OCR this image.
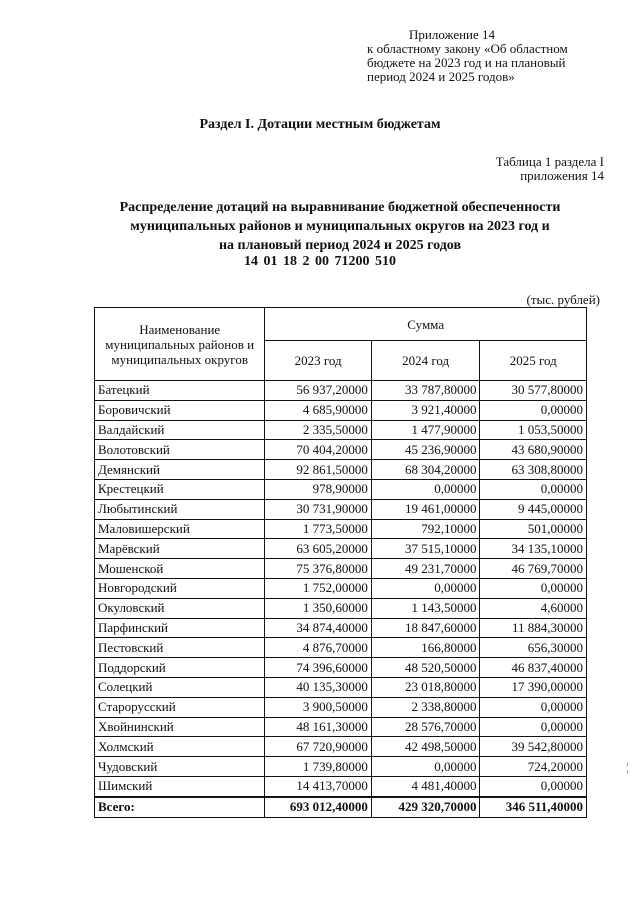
Приложение 14
к областному закону «Об областном
бюджете на 2023 год и на плановый
период 2024 и 2025 годов»
Раздел I. Дотации местным бюджетам
Таблица 1 раздела I
приложения 14
Распределение дотаций на выравнивание бюджетной обеспеченности
муниципальных районов и муниципальных округов на 2023 год и
на плановый период 2024 и 2025 годов
14 01 18 2 00 71200 510
(тыс. рублей)
Наименование муниципальных районов и муниципальных округов	Сумма		
	2023 год	2024 год	2025 год
Батецкий	56 937,20000	33 787,80000	30 577,80000
Боровичский	4 685,90000	3 921,40000	0,00000
Валдайский	2 335,50000	1 477,90000	1 053,50000
Волотовский	70 404,20000	45 236,90000	43 680,90000
Демянский	92 861,50000	68 304,20000	63 308,80000
Крестецкий	978,90000	0,00000	0,00000
Любытинский	30 731,90000	19 461,00000	9 445,00000
Маловишерский	1 773,50000	792,10000	501,00000
Марёвский	63 605,20000	37 515,10000	34 135,10000
Мошенской	75 376,80000	49 231,70000	46 769,70000
Новгородский	1 752,00000	0,00000	0,00000
Окуловский	1 350,60000	1 143,50000	4,60000
Парфинский	34 874,40000	18 847,60000	11 884,30000
Пестовский	4 876,70000	166,80000	656,30000
Поддорский	74 396,60000	48 520,50000	46 837,40000
Солецкий	40 135,30000	23 018,80000	17 390,00000
Старорусский	3 900,50000	2 338,80000	0,00000
Хвойнинский	48 161,30000	28 576,70000	0,00000
Холмский	67 720,90000	42 498,50000	39 542,80000
Чудовский	1 739,80000	0,00000	724,20000
Шимский	14 413,70000	4 481,40000	0,00000
Всего:	693 012,40000	429 320,70000	346 511,40000
¦
